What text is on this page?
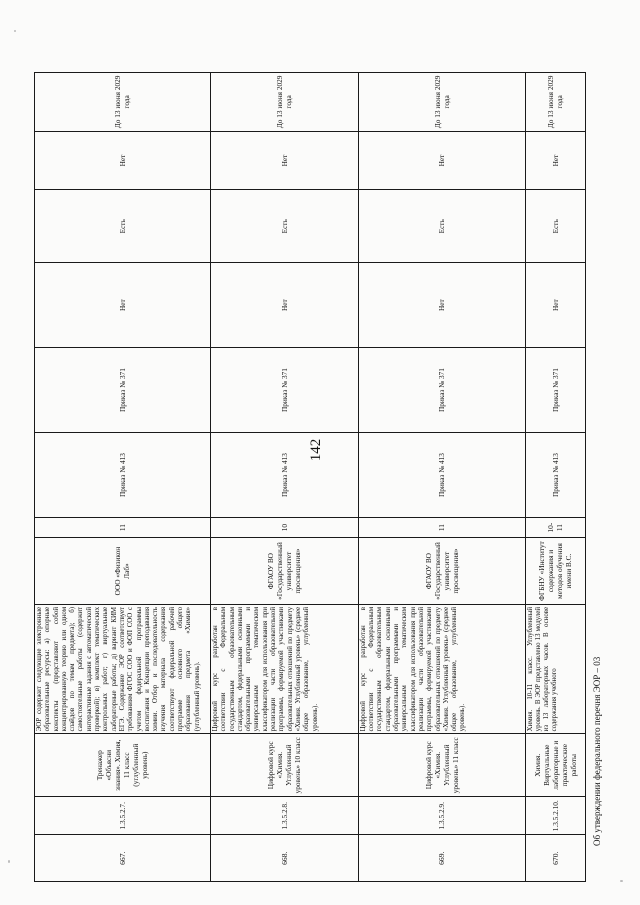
142
667.	1.3.5.2.7.	Тренажер «Объясни знания». Химия, 11 класс (углубленный уровень)	ЭОР содержит следующие электронные образовательные ресурсы: а) опорные конспекты (представляют собой концентрированную теорию или одном слайдов по темам предмета); б) самостоятельные работы (содержит интерактивные задания с автоматической проверкой); в) комплект тематических контрольных работ; г) виртуальные лабораторные работы; д) вариант КИМ ЕГЭ. Содержание ЭОР соответствует требованиям ФГОС СОО и ФОП СОО с учетом федеральной программы воспитания и Концепции преподавания химии. Отбор и последовательность изучения материала содержания соответствуют федеральной рабочей программе основного общего образования предмета «Химия» (углубленный уровень).	ООО «Физикон Лаб»	11	Приказ № 413	Приказ № 371	Нет	Есть	Нет	До 13 июня 2029 года
668.	1.3.5.2.8.	Цифровой курс «Химия. Углубленный уровень» 10 класс	Цифровой курс разработан в соответствии с Федеральным государственным образовательным стандартом, федеральными основными образовательными программами и универсальным тематическим классификатором для использования при реализации части образовательной программы, формируемой участниками образовательных отношений по предмету «Химия. Углубленный уровень» (среднее общее образование, углубленный уровень).	ФГАОУ ВО «Государственный университет просвещения»	10	Приказ № 413	Приказ № 371	Нет	Есть	Нет	До 13 июня 2029 года
669.	1.3.5.2.9.	Цифровой курс «Химия. Углубленный уровень» 11 класс	Цифровой курс разработан в соответствии с Федеральным государственным образовательным стандартом, федеральными основными образовательными программами и универсальным тематическим классификатором для использования при реализации части образовательной программы, формируемой участниками образовательных отношений по предмету «Химия. Углубленный уровень» (среднее общее образование, углубленный уровень).	ФГАОУ ВО «Государственный университет просвещения»	11	Приказ № 413	Приказ № 371	Нет	Есть	Нет	До 13 июня 2029 года
670.	1.3.5.2.10.	Химия. Виртуальные лабораторные и практические работы	Химия. 10-11 класс. Углубленный уровень. В ЭОР представлено 13 модулей из 13 лабораторных часов. В основе содержания учебного	ФГБНУ «Институт содержания и методов обучения имени В.С.	10-11	Приказ № 413	Приказ № 371	Нет	Есть	Нет	До 13 июня 2029 года
Об утверждении федерального перечня ЭОР – 03
